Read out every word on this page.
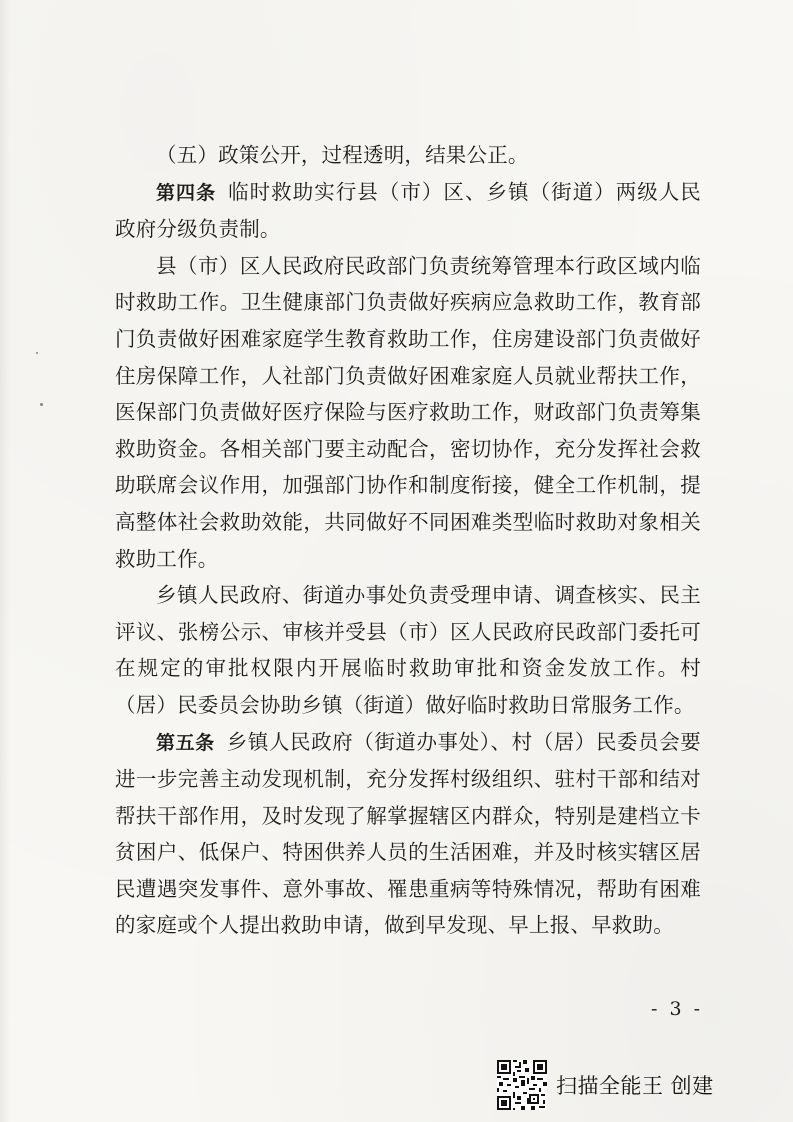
（五）政策公开，过程透明，结果公正。

第四条 临时救助实行县（市）区、乡镇（街道）两级人民政府分级负责制。

县（市）区人民政府民政部门负责统筹管理本行政区域内临时救助工作。卫生健康部门负责做好疾病应急救助工作，教育部门负责做好困难家庭学生教育救助工作，住房建设部门负责做好住房保障工作，人社部门负责做好困难家庭人员就业帮扶工作，医保部门负责做好医疗保险与医疗救助工作，财政部门负责筹集救助资金。各相关部门要主动配合，密切协作，充分发挥社会救助联席会议作用，加强部门协作和制度衔接，健全工作机制，提高整体社会救助效能，共同做好不同困难类型临时救助对象相关救助工作。

乡镇人民政府、街道办事处负责受理申请、调查核实、民主评议、张榜公示、审核并受县（市）区人民政府民政部门委托可在规定的审批权限内开展临时救助审批和资金发放工作。村（居）民委员会协助乡镇（街道）做好临时救助日常服务工作。

第五条 乡镇人民政府（街道办事处）、村（居）民委员会要进一步完善主动发现机制，充分发挥村级组织、驻村干部和结对帮扶干部作用，及时发现了解掌握辖区内群众，特别是建档立卡贫困户、低保户、特困供养人员的生活困难，并及时核实辖区居民遭遇突发事件、意外事故、罹患重病等特殊情况，帮助有困难的家庭或个人提出救助申请，做到早发现、早上报、早救助。

- 3 -
扫描全能王 创建
